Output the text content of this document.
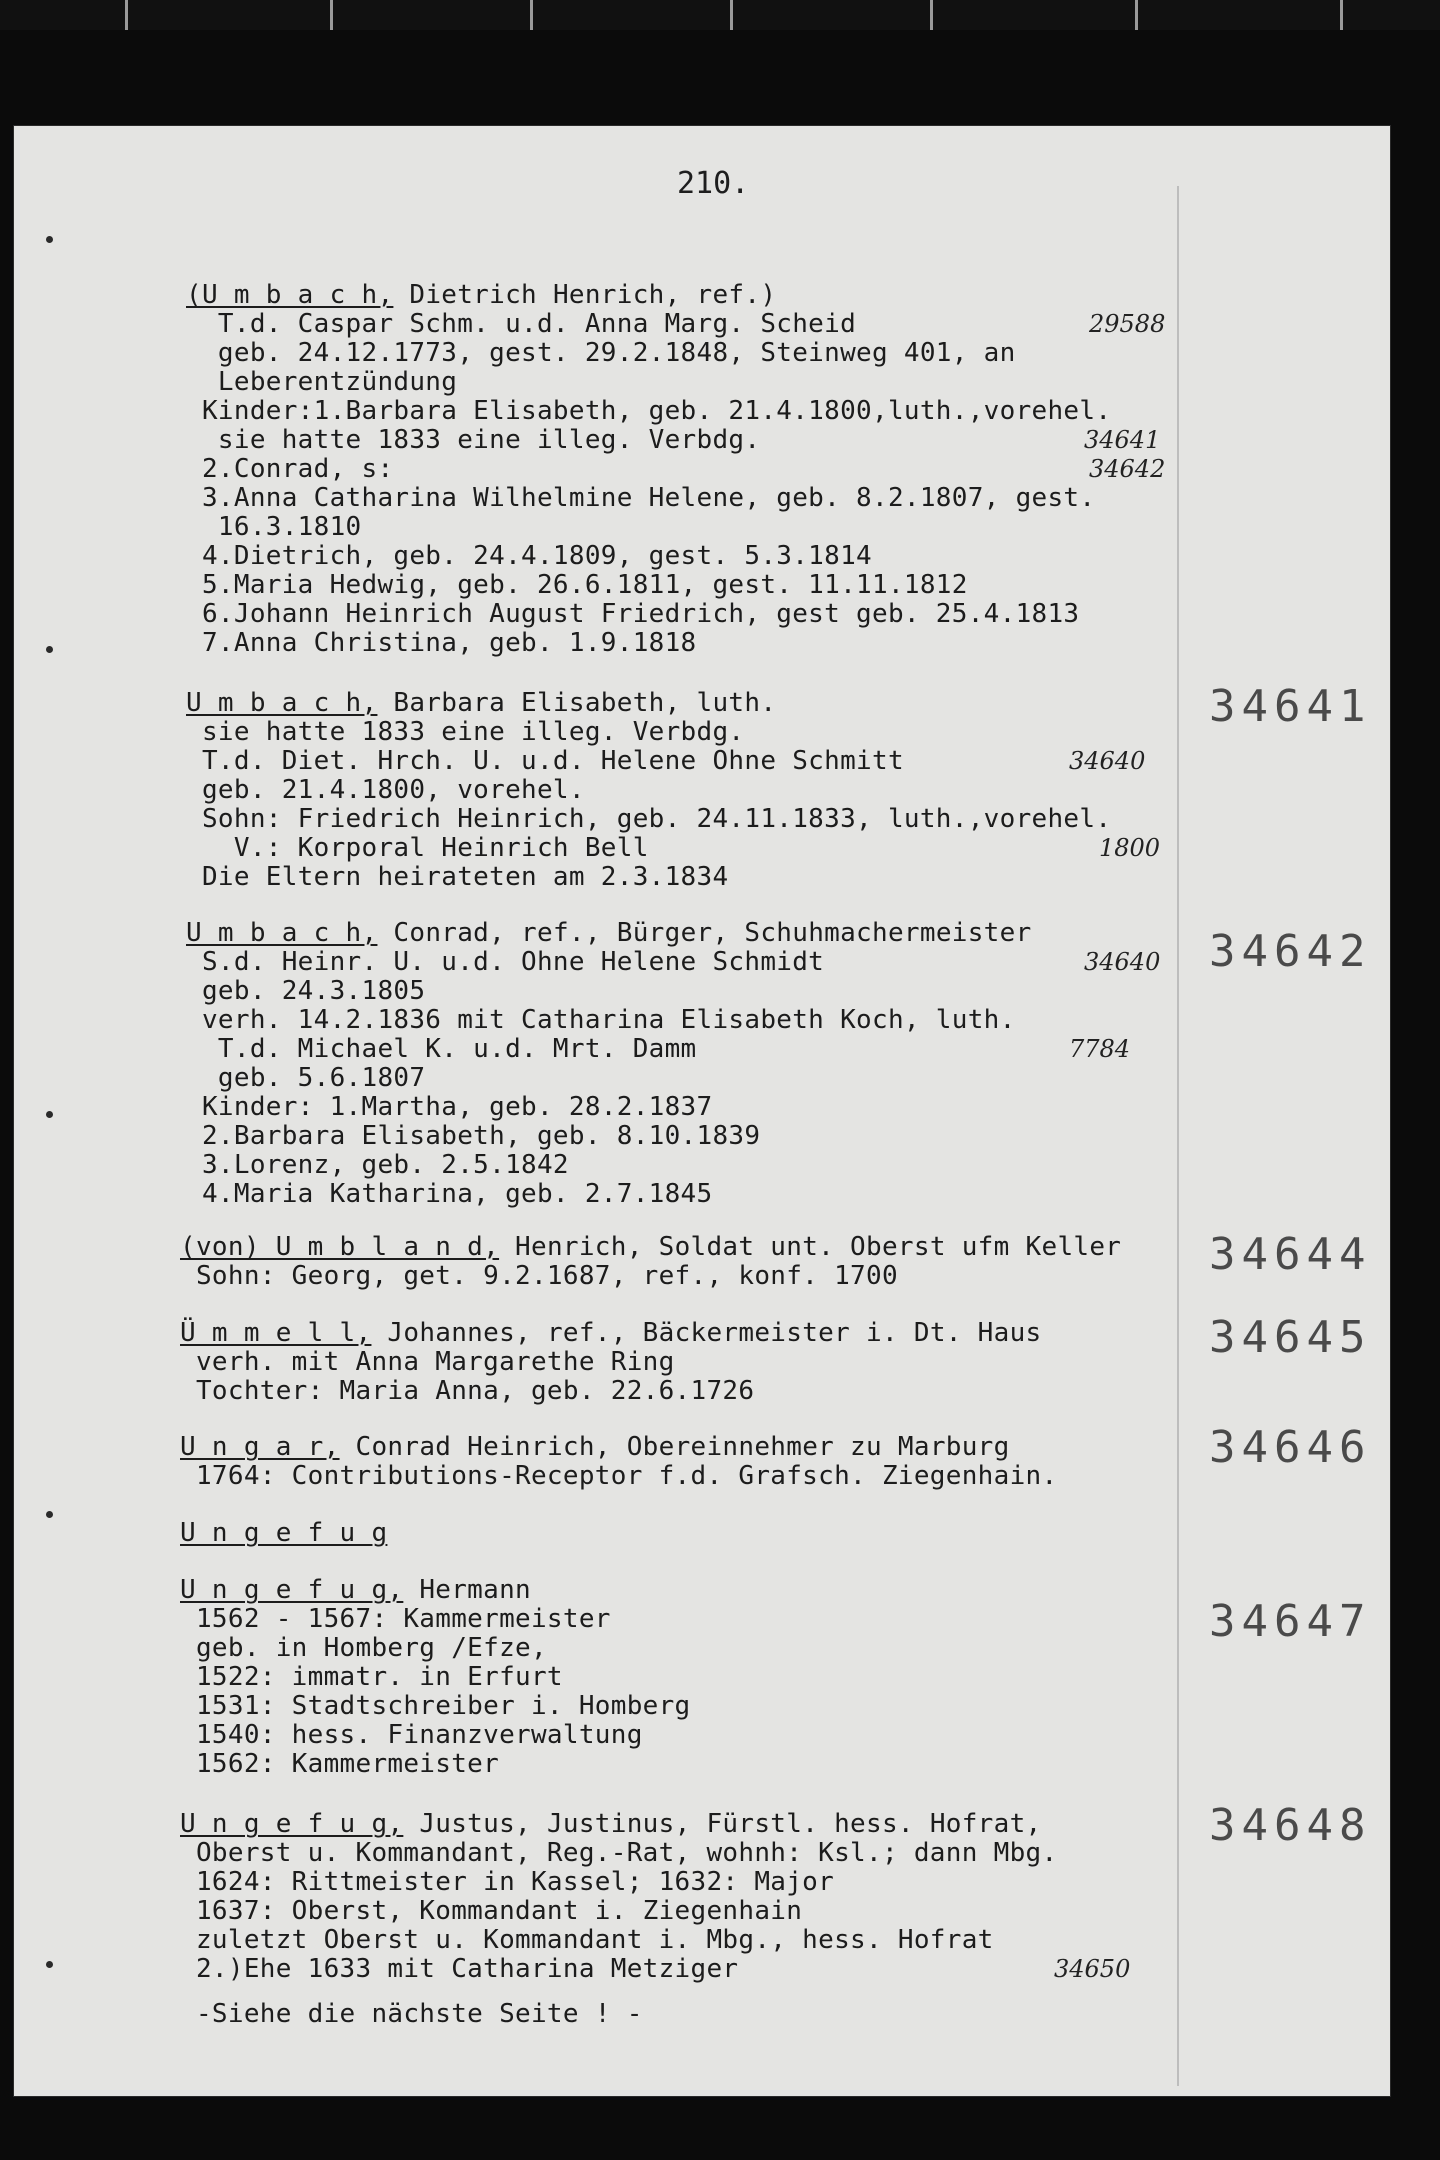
210.
(U m b a c h, Dietrich Henrich, ref.)
T.d. Caspar Schm. u.d. Anna Marg. Scheid
geb. 24.12.1773, gest. 29.2.1848, Steinweg 401, an
Leberentzündung
Kinder:1.Barbara Elisabeth, geb. 21.4.1800,luth.,vorehel.
sie hatte 1833 eine illeg. Verbdg.
2.Conrad, s:
3.Anna Catharina Wilhelmine Helene, geb. 8.2.1807, gest.
16.3.1810
4.Dietrich, geb. 24.4.1809, gest. 5.3.1814
5.Maria Hedwig, geb. 26.6.1811, gest. 11.11.1812
6.Johann Heinrich August Friedrich, gest geb. 25.4.1813
7.Anna Christina, geb. 1.9.1818
29588
34641
34642
U m b a c h, Barbara Elisabeth, luth.
sie hatte 1833 eine illeg. Verbdg.
T.d. Diet. Hrch. U. u.d. Helene Ohne Schmitt
geb. 21.4.1800, vorehel.
Sohn: Friedrich Heinrich, geb. 24.11.1833, luth.,vorehel.
V.: Korporal Heinrich Bell
Die Eltern heirateten am 2.3.1834
34640
1800
34641
U m b a c h, Conrad, ref., Bürger, Schuhmachermeister
S.d. Heinr. U. u.d. Ohne Helene Schmidt
geb. 24.3.1805
verh. 14.2.1836 mit Catharina Elisabeth Koch, luth.
T.d. Michael K. u.d. Mrt. Damm
geb. 5.6.1807
Kinder: 1.Martha, geb. 28.2.1837
2.Barbara Elisabeth, geb. 8.10.1839
3.Lorenz, geb. 2.5.1842
4.Maria Katharina, geb. 2.7.1845
34640
7784
34642
(von) U m b l a n d, Henrich, Soldat unt. Oberst ufm Keller
Sohn: Georg, get. 9.2.1687, ref., konf. 1700	34644
Ü m m e l l, Johannes, ref., Bäckermeister i. Dt. Haus
verh. mit Anna Margarethe Ring
Tochter: Maria Anna, geb. 22.6.1726
34645
U n g a r, Conrad Heinrich, Obereinnehmer zu Marburg
1764: Contributions-Receptor f.d. Grafsch. Ziegenhain.
34646
U n g e f u g
U n g e f u g, Hermann
1562 - 1567: Kammermeister
geb. in Homberg /Efze,
1522: immatr. in Erfurt
1531: Stadtschreiber i. Homberg
1540: hess. Finanzverwaltung
1562: Kammermeister
34647
U n g e f u g, Justus, Justinus, Fürstl. hess. Hofrat,
Oberst u. Kommandant, Reg.-Rat, wohnh: Ksl.; dann Mbg.
1624: Rittmeister in Kassel; 1632: Major
1637: Oberst, Kommandant i. Ziegenhain
zuletzt Oberst u. Kommandant i. Mbg., hess. Hofrat
2.)Ehe 1633 mit Catharina Metziger	34650
34648
-Siehe die nächste Seite ! -
